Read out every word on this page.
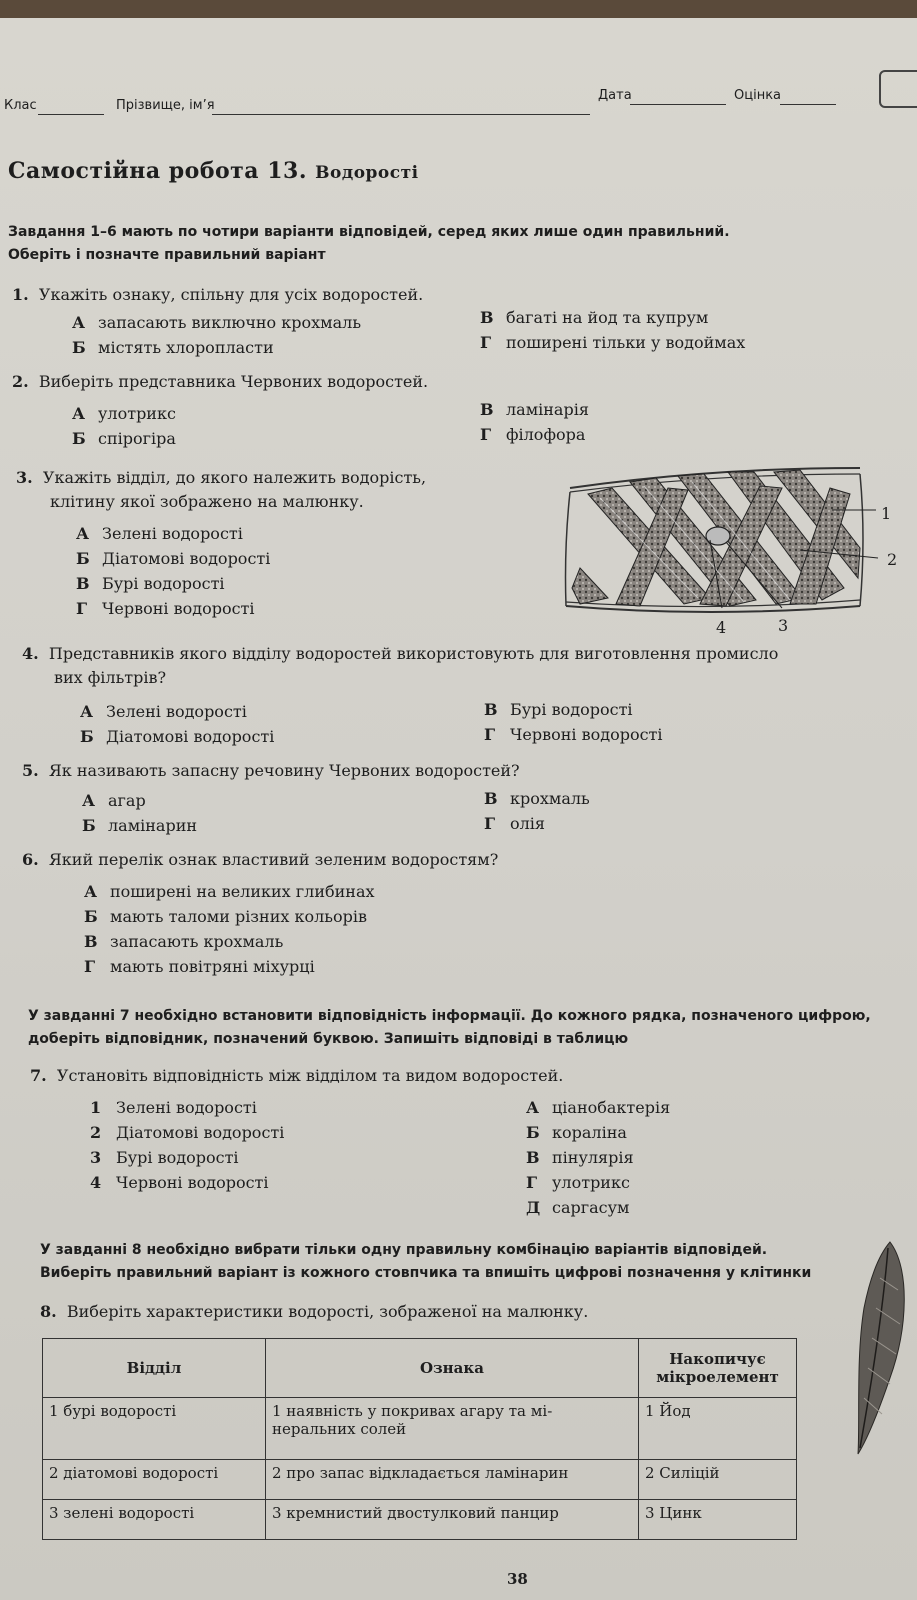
Клас	Прізвище, ім’я
Дата	Оцінка
Самостійна робота 13. Водорості
Завдання 1–6 мають по чотири варіанти відповідей, серед яких лише один правильний.
Оберіть і позначте правильний варіант
1. Укажіть ознаку, спільну для усіх водоростей.
А запасають виключно крохмаль
Б містять хлоропласти
В багаті на йод та купрум
Г поширені тільки у водоймах
2. Виберіть представника Червоних водоростей.
А улотрикс
Б спірогіра
В ламінарія
Г філофора
3. Укажіть відділ, до якого належить водорість,
клітину якої зображено на малюнку.
А Зелені водорості
Б Діатомові водорості
В Бурі водорості
Г Червоні водорості
1
2
3
4
4. Представників якого відділу водоростей використовують для виготовлення промисло
вих фільтрів?
А Зелені водорості
Б Діатомові водорості
В Бурі водорості
Г Червоні водорості
5. Як називають запасну речовину Червоних водоростей?
А агар
Б ламінарин
В крохмаль
Г олія
6. Який перелік ознак властивий зеленим водоростям?
А поширені на великих глибинах
Б мають таломи різних кольорів
В запасають крохмаль
Г мають повітряні міхурці
У завданні 7 необхідно встановити відповідність інформації. До кожного рядка, позначеного цифрою,
доберіть відповідник, позначений буквою. Запишіть відповіді в таблицю
7. Установіть відповідність між відділом та видом водоростей.
1 Зелені водорості
2 Діатомові водорості
3 Бурі водорості
4 Червоні водорості
А ціанобактерія
Б кораліна
В пінулярія
Г улотрикс
Д саргасум
У завданні 8 необхідно вибрати тільки одну правильну комбінацію варіантів відповідей.
Виберіть правильний варіант із кожного стовпчика та впишіть цифрові позначення у клітинки
8. Виберіть характеристики водорості, зображеної на малюнку.
Відділ	Ознака	Накопичує мікроелемент
1 бурі водорості	1 наявність у покривах агару та мі- неральних солей	1 Йод
2 діатомові водорості	2 про запас відкладається ламінарин	2 Силіцій
3 зелені водорості	3 кремнистий двостулковий панцир	3 Цинк
38
